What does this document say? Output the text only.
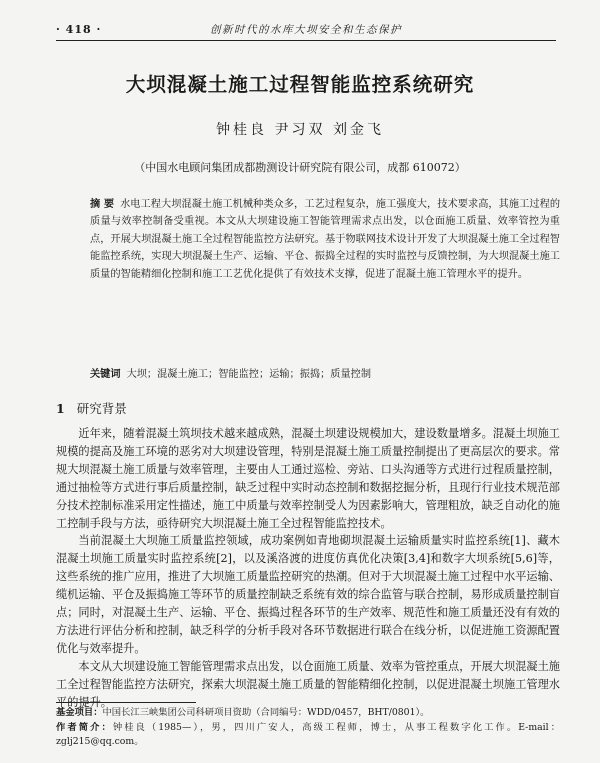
· 418 ·	创新时代的水库大坝安全和生态保护
大坝混凝土施工过程智能监控系统研究
钟桂良 尹习双 刘金飞
（中国水电顾问集团成都勘测设计研究院有限公司，成都 610072）
摘 要 水电工程大坝混凝土施工机械种类众多，工艺过程复杂，施工强度大，技术要求高，其施工过程的质量与效率控制备受重视。本文从大坝建设施工智能管理需求点出发，以仓面施工质量、效率管控为重点，开展大坝混凝土施工全过程智能监控方法研究。基于物联网技术设计开发了大坝混凝土施工全过程智能监控系统，实现大坝混凝土生产、运输、平仓、振捣全过程的实时监控与反馈控制，为大坝混凝土施工质量的智能精细化控制和施工工艺优化提供了有效技术支撑，促进了混凝土施工管理水平的提升。
关键词 大坝；混凝土施工；智能监控；运输；振捣；质量控制
1 研究背景

近年来，随着混凝土筑坝技术越来越成熟，混凝土坝建设规模加大，建设数量增多。混凝土坝施工规模的提高及施工环境的恶劣对大坝建设管理，特别是混凝土施工质量控制提出了更高层次的要求。常规大坝混凝土施工质量与效率管理，主要由人工通过巡检、旁站、口头沟通等方式进行过程质量控制，通过抽检等方式进行事后质量控制，缺乏过程中实时动态控制和数据挖掘分析，且现行行业技术规范部分技术控制标准采用定性描述，施工中质量与效率控制受人为因素影响大，管理粗放，缺乏自动化的施工控制手段与方法，亟待研究大坝混凝土施工全过程智能监控技术。

当前混凝土大坝施工质量监控领域，成功案例如青地砌坝混凝土运输质量实时监控系统[1]、藏木混凝土坝施工质量实时监控系统[2]，以及溪洛渡的进度仿真优化决策[3,4]和数字大坝系统[5,6]等，这些系统的推广应用，推进了大坝施工质量监控研究的热潮。但对于大坝混凝土施工过程中水平运输、缆机运输、平仓及振捣施工等环节的质量控制缺乏系统有效的综合监管与联合控制，易形成质量控制盲点；同时，对混凝土生产、运输、平仓、振捣过程各环节的生产效率、规范性和施工质量还没有有效的方法进行评估分析和控制，缺乏科学的分析手段对各环节数据进行联合在线分析，以促进施工资源配置优化与效率提升。

本文从大坝建设施工智能管理需求点出发，以仓面施工质量、效率为管控重点，开展大坝混凝土施工全过程智能监控方法研究，探索大坝混凝土施工质量的智能精细化控制，以促进混凝土坝施工管理水平的提升。

基金项目：中国长江三峡集团公司科研项目资助（合同编号：WDD/0457，BHT/0801）。

作者简介：钟桂良（1985—），男，四川广安人，高级工程师，博士，从事工程数字化工作。E-mail：zglj215@qq.com。
